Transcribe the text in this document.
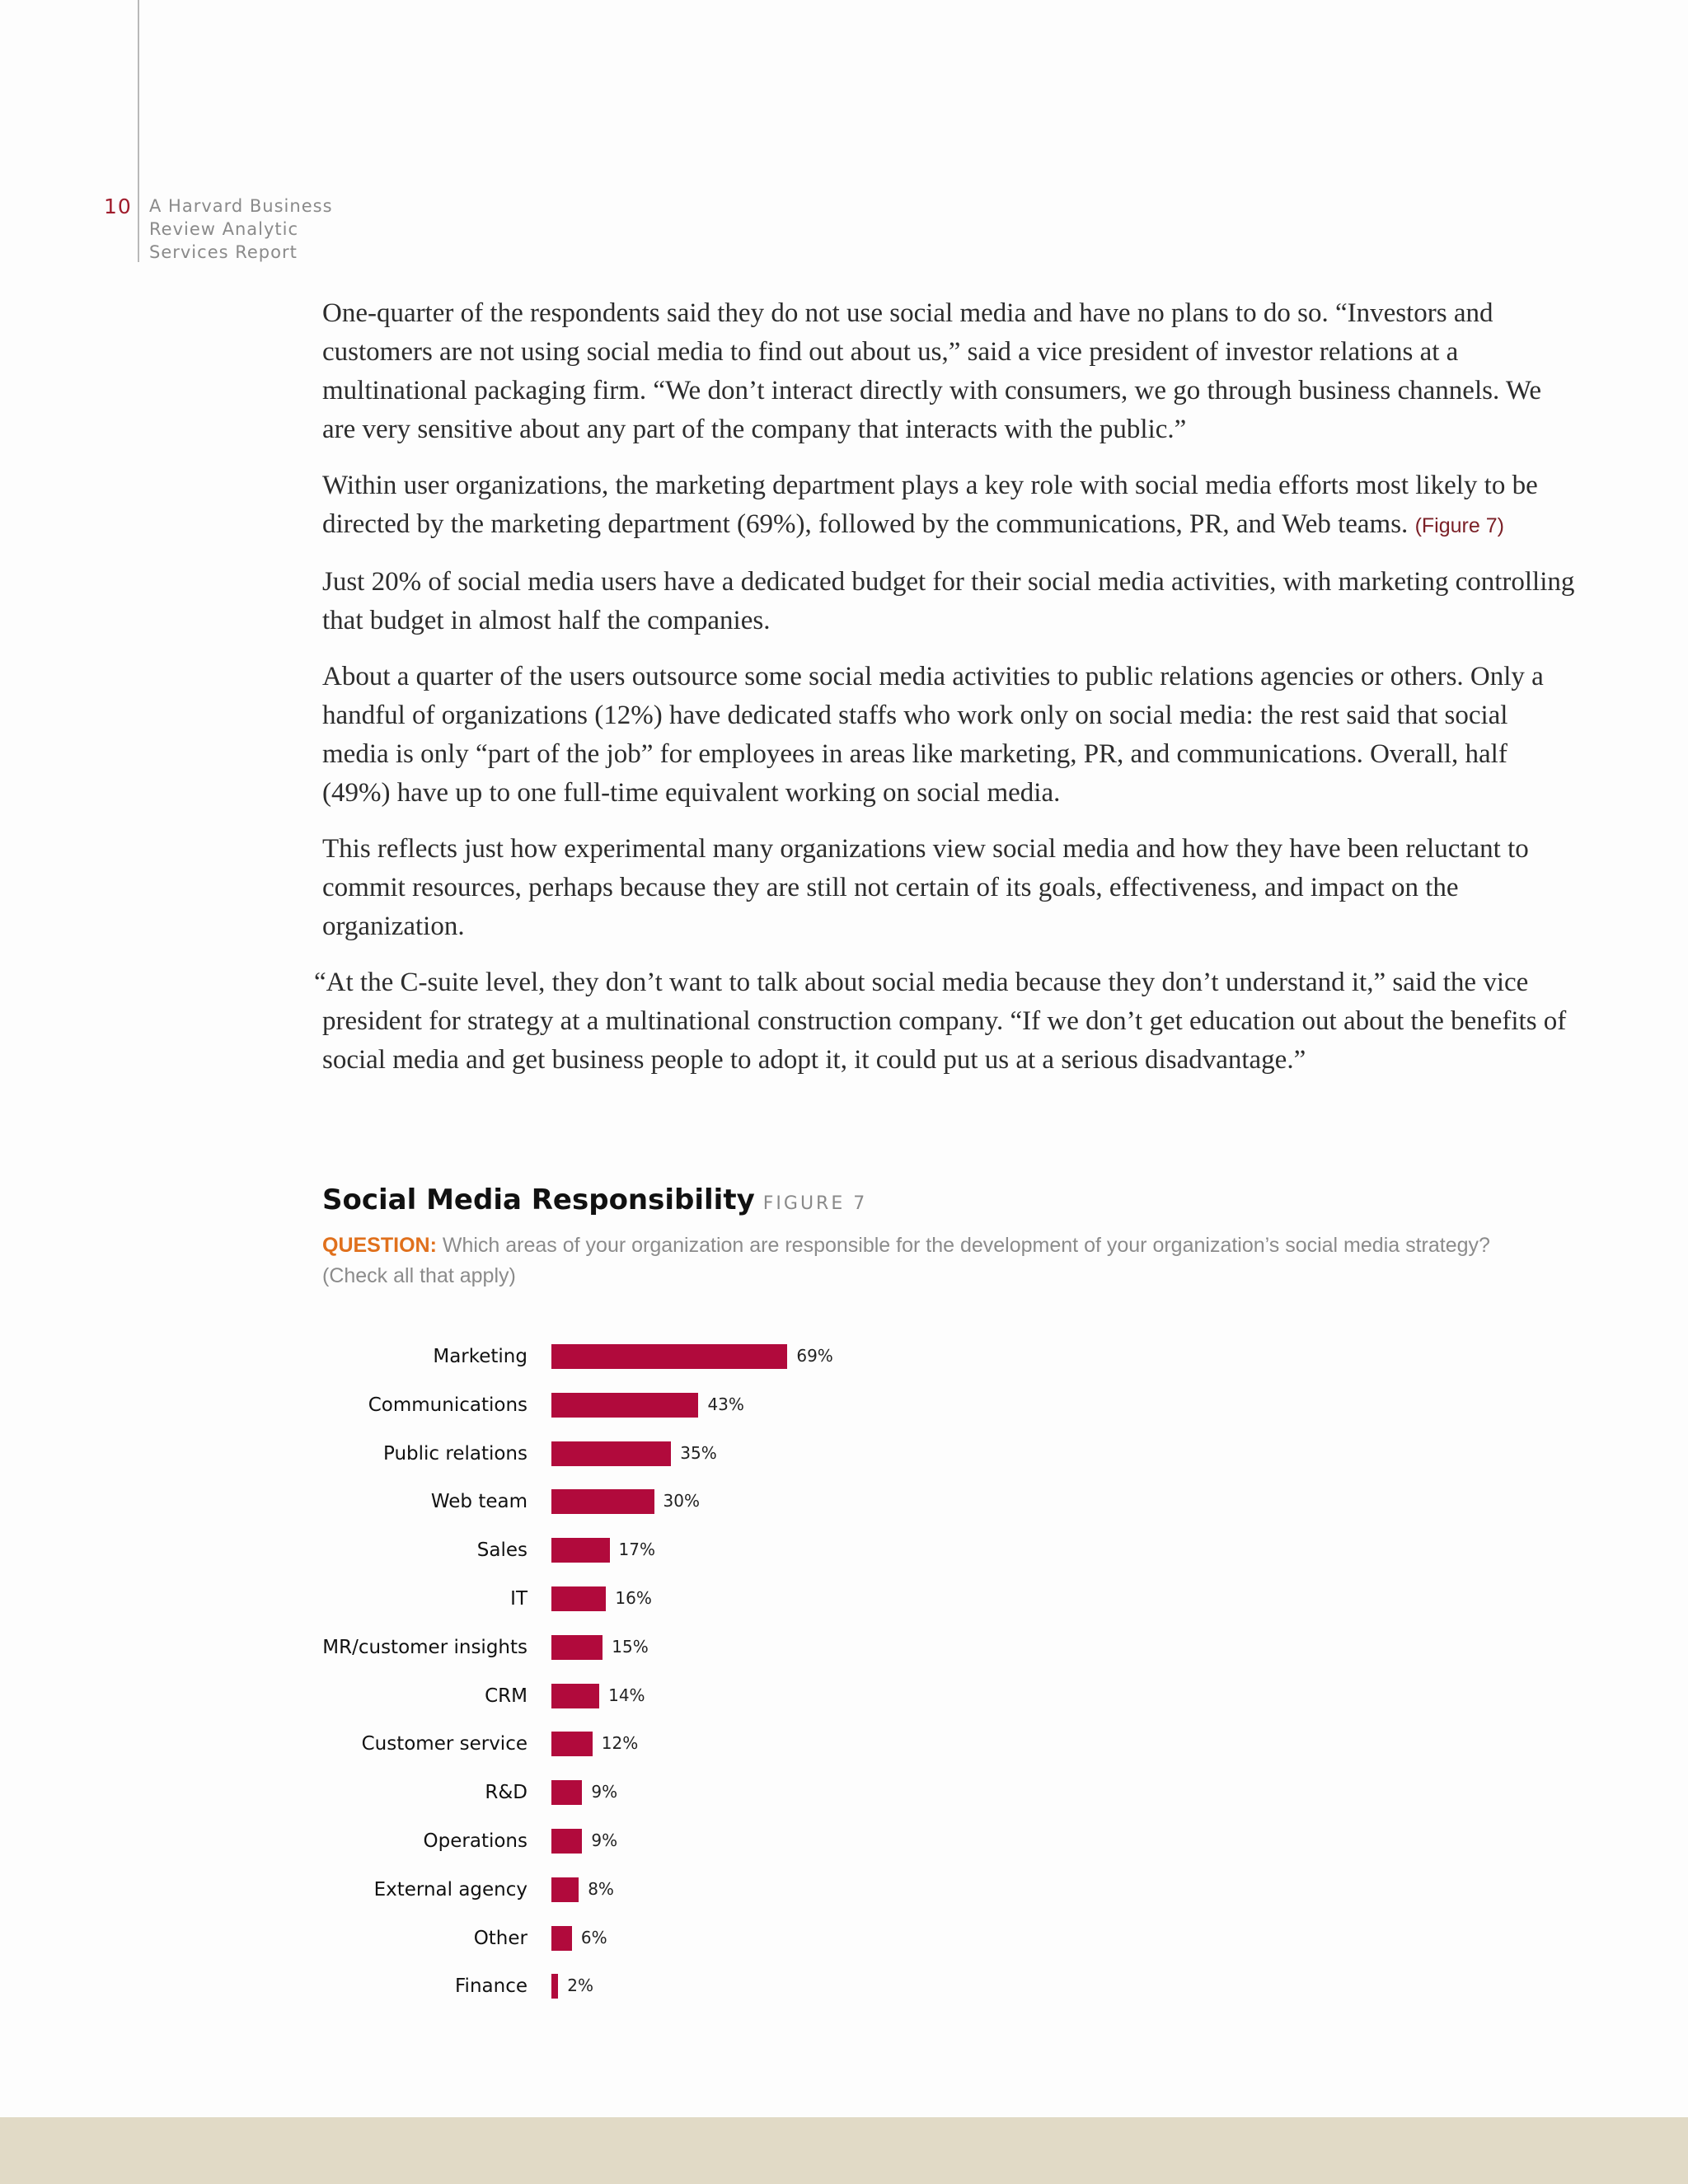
10 A Harvard Business
Review Analytic
Services Report

One-quarter of the respondents said they do not use social media and have no plans to do so. “Investors and customers are not using social media to find out about us,” said a vice president of investor relations at a multinational packaging firm. “We don’t interact directly with consumers, we go through business channels. We are very sensitive about any part of the company that interacts with the public.”

Within user organizations, the marketing department plays a key role with social media efforts most likely to be directed by the marketing department (69%), followed by the communications, PR, and Web teams. (Figure 7)

Just 20% of social media users have a dedicated budget for their social media activities, with marketing controlling that budget in almost half the companies.

About a quarter of the users outsource some social media activities to public relations agencies or others. Only a handful of organizations (12%) have dedicated staffs who work only on social media: the rest said that social media is only “part of the job” for employees in areas like marketing, PR, and communications. Overall, half (49%) have up to one full-time equivalent working on social media.

This reflects just how experimental many organizations view social media and how they have been reluctant to commit resources, perhaps because they are still not certain of its goals, effectiveness, and impact on the organization.

“At the C-suite level, they don’t want to talk about social media because they don’t understand it,” said the vice president for strategy at a multinational construction company. “If we don’t get education out about the benefits of social media and get business people to adopt it, it could put us at a serious disadvantage.”

Social Media Responsibility FIGURE 7
QUESTION: Which areas of your organization are responsible for the development of your organization’s social media strategy? (Check all that apply)
Marketing	69%
Communications	43%
Public relations	35%
Web team	30%
Sales	17%
IT	16%
MR/customer insights	15%
CRM	14%
Customer service	12%
R&D	9%
Operations	9%
External agency	8%
Other	6%
Finance 2%
